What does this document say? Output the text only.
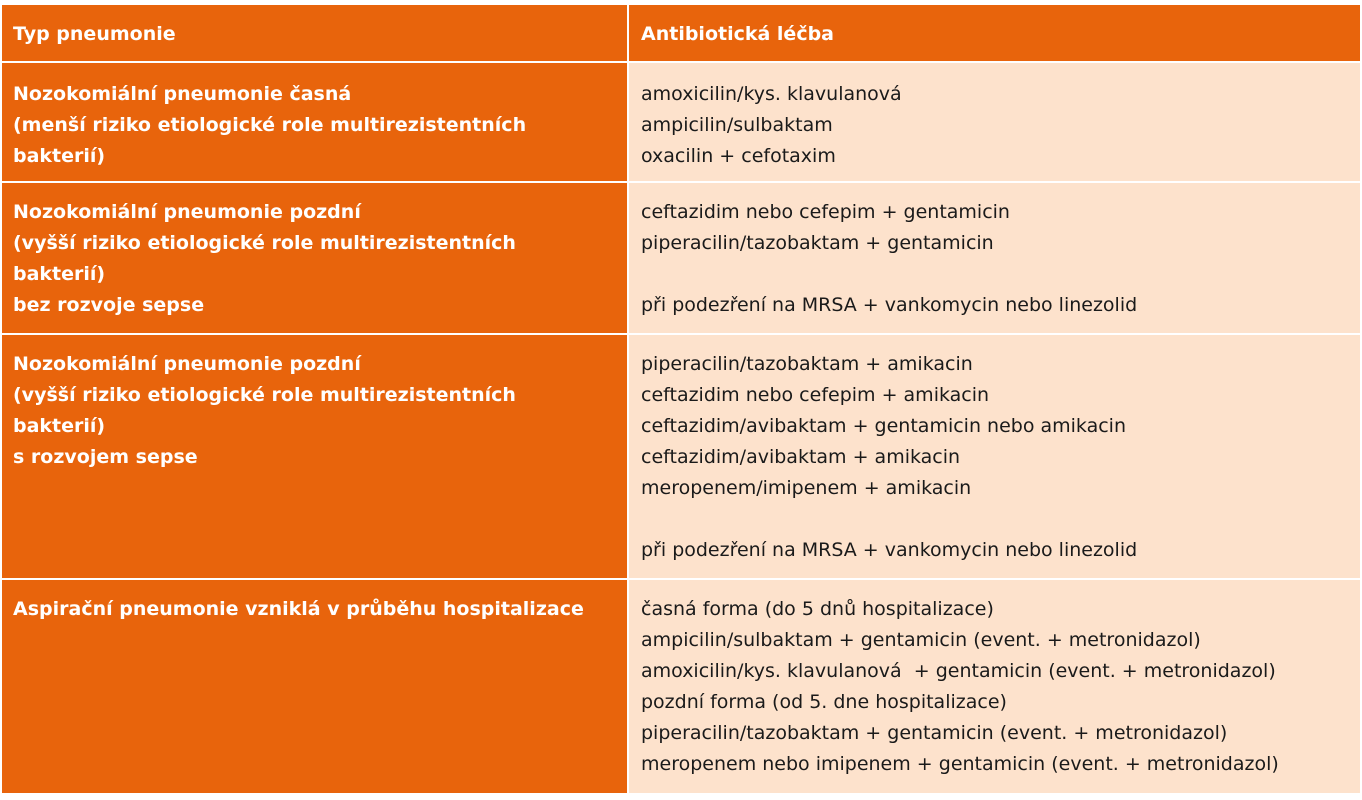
Typ pneumonie	Antibiotická léčba
Nozokomiální pneumonie časná
(menší riziko etiologické role multirezistentních
bakterií)
amoxicilin/kys. klavulanová
ampicilin/sulbaktam
oxacilin + cefotaxim
Nozokomiální pneumonie pozdní
(vyšší riziko etiologické role multirezistentních
bakterií)
bez rozvoje sepse
ceftazidim nebo cefepim + gentamicin
piperacilin/tazobaktam + gentamicin
při podezření na MRSA + vankomycin nebo linezolid
Nozokomiální pneumonie pozdní
(vyšší riziko etiologické role multirezistentních
bakterií)
s rozvojem sepse
piperacilin/tazobaktam + amikacin
ceftazidim nebo cefepim + amikacin
ceftazidim/avibaktam + gentamicin nebo amikacin
ceftazidim/avibaktam + amikacin
meropenem/imipenem + amikacin
při podezření na MRSA + vankomycin nebo linezolid
Aspirační pneumonie vzniklá v průběhu hospitalizace	časná forma (do 5 dnů hospitalizace)
ampicilin/sulbaktam + gentamicin (event. + metronidazol)
amoxicilin/kys. klavulanová  + gentamicin (event. + metronidazol)
pozdní forma (od 5. dne hospitalizace)
piperacilin/tazobaktam + gentamicin (event. + metronidazol)
meropenem nebo imipenem + gentamicin (event. + metronidazol)
